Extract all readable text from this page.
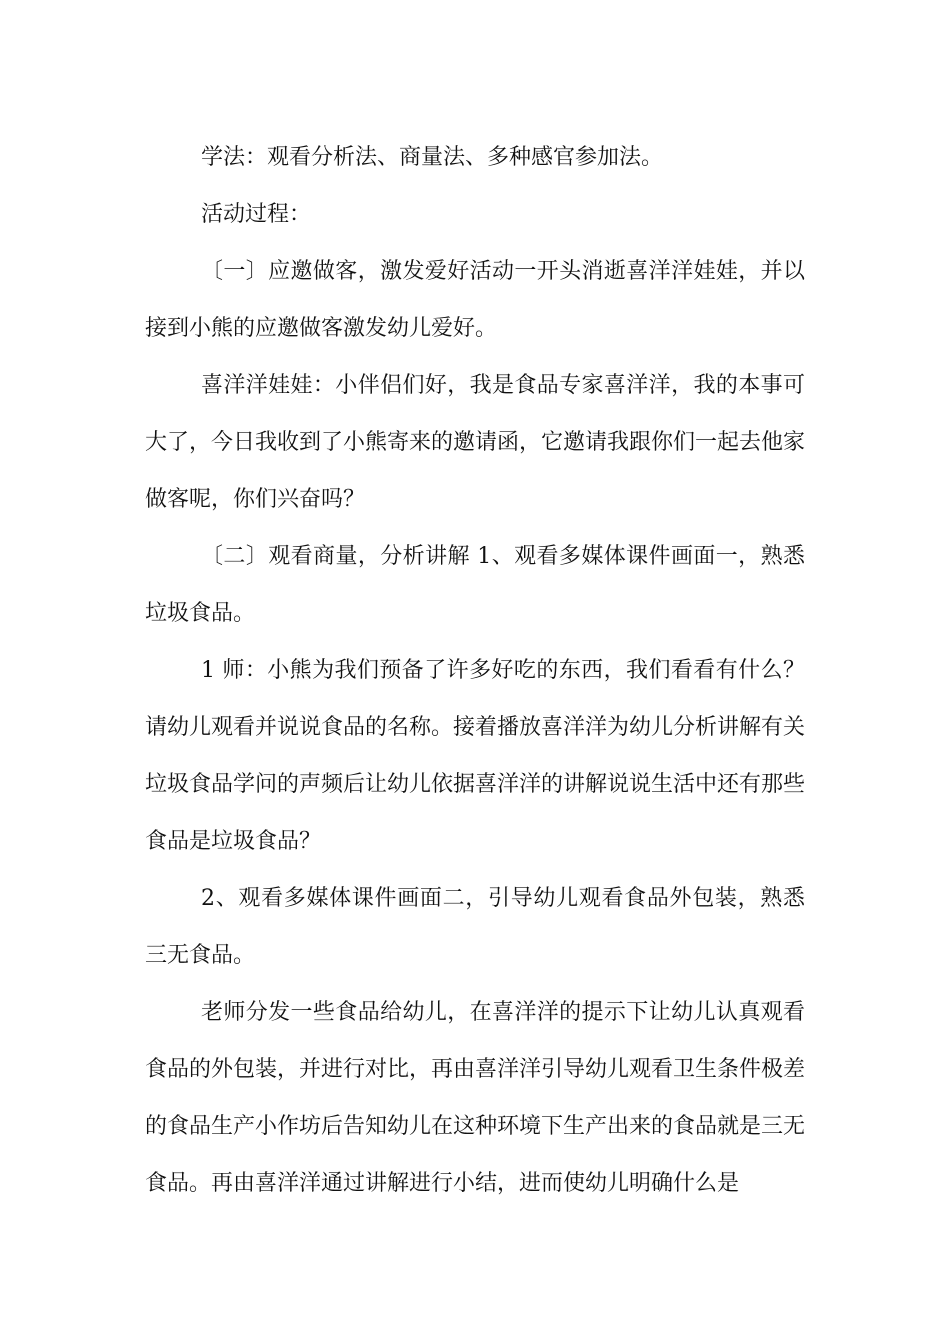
学法：观看分析法、商量法、多种感官参加法。

活动过程：

〔一〕应邀做客，激发爱好活动一开头消逝喜洋洋娃娃，并以接到小熊的应邀做客激发幼儿爱好。

喜洋洋娃娃：小伴侣们好，我是食品专家喜洋洋，我的本事可大了，今日我收到了小熊寄来的邀请函，它邀请我跟你们一起去他家做客呢，你们兴奋吗？

〔二〕观看商量，分析讲解 1、观看多媒体课件画面一，熟悉垃圾食品。

1 师：小熊为我们预备了许多好吃的东西，我们看看有什么？请幼儿观看并说说食品的名称。接着播放喜洋洋为幼儿分析讲解有关垃圾食品学问的声频后让幼儿依据喜洋洋的讲解说说生活中还有那些食品是垃圾食品？

2、观看多媒体课件画面二，引导幼儿观看食品外包装，熟悉三无食品。

老师分发一些食品给幼儿，在喜洋洋的提示下让幼儿认真观看食品的外包装，并进行对比，再由喜洋洋引导幼儿观看卫生条件极差的食品生产小作坊后告知幼儿在这种环境下生产出来的食品就是三无食品。再由喜洋洋通过讲解进行小结，进而使幼儿明确什么是
